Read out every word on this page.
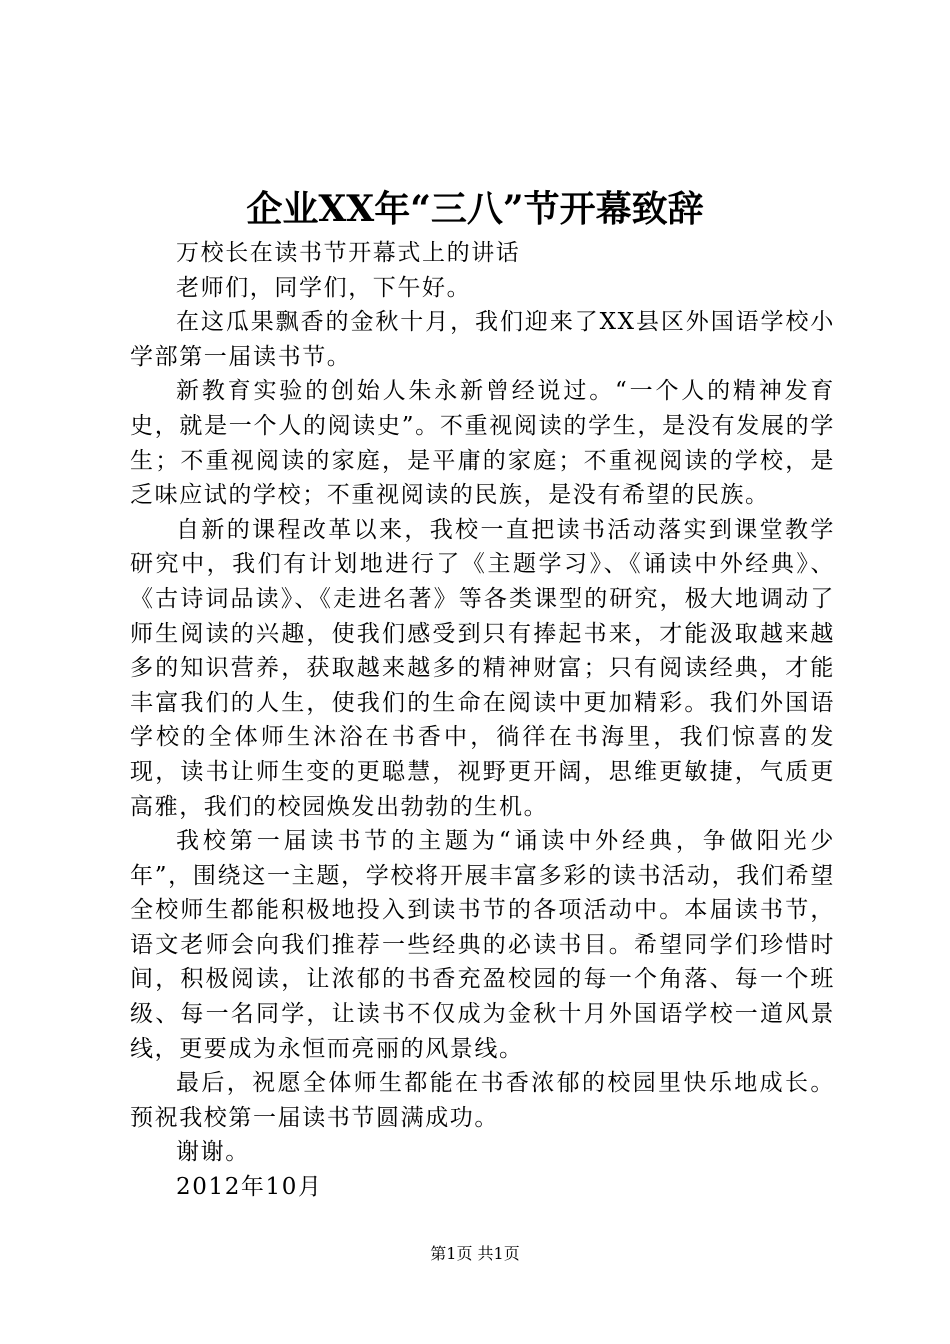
企业XX年“三八”节开幕致辞

万校长在读书节开幕式上的讲话

老师们，同学们，下午好。

在这瓜果飘香的金秋十月，我们迎来了XX县区外国语学校小学部第一届读书节。

新教育实验的创始人朱永新曾经说过。“一个人的精神发育史，就是一个人的阅读史”。不重视阅读的学生，是没有发展的学生；不重视阅读的家庭，是平庸的家庭；不重视阅读的学校，是乏味应试的学校；不重视阅读的民族，是没有希望的民族。

自新的课程改革以来，我校一直把读书活动落实到课堂教学研究中，我们有计划地进行了《主题学习》、《诵读中外经典》、《古诗词品读》、《走进名著》等各类课型的研究，极大地调动了师生阅读的兴趣，使我们感受到只有捧起书来，才能汲取越来越多的知识营养，获取越来越多的精神财富；只有阅读经典，才能丰富我们的人生，使我们的生命在阅读中更加精彩。我们外国语学校的全体师生沐浴在书香中，徜徉在书海里，我们惊喜的发现，读书让师生变的更聪慧，视野更开阔，思维更敏捷，气质更高雅，我们的校园焕发出勃勃的生机。

我校第一届读书节的主题为“诵读中外经典，争做阳光少年”，围绕这一主题，学校将开展丰富多彩的读书活动，我们希望全校师生都能积极地投入到读书节的各项活动中。本届读书节，语文老师会向我们推荐一些经典的必读书目。希望同学们珍惜时间，积极阅读，让浓郁的书香充盈校园的每一个角落、每一个班级、每一名同学，让读书不仅成为金秋十月外国语学校一道风景线，更要成为永恒而亮丽的风景线。

最后，祝愿全体师生都能在书香浓郁的校园里快乐地成长。预祝我校第一届读书节圆满成功。

谢谢。

2012年10月

第1页 共1页
